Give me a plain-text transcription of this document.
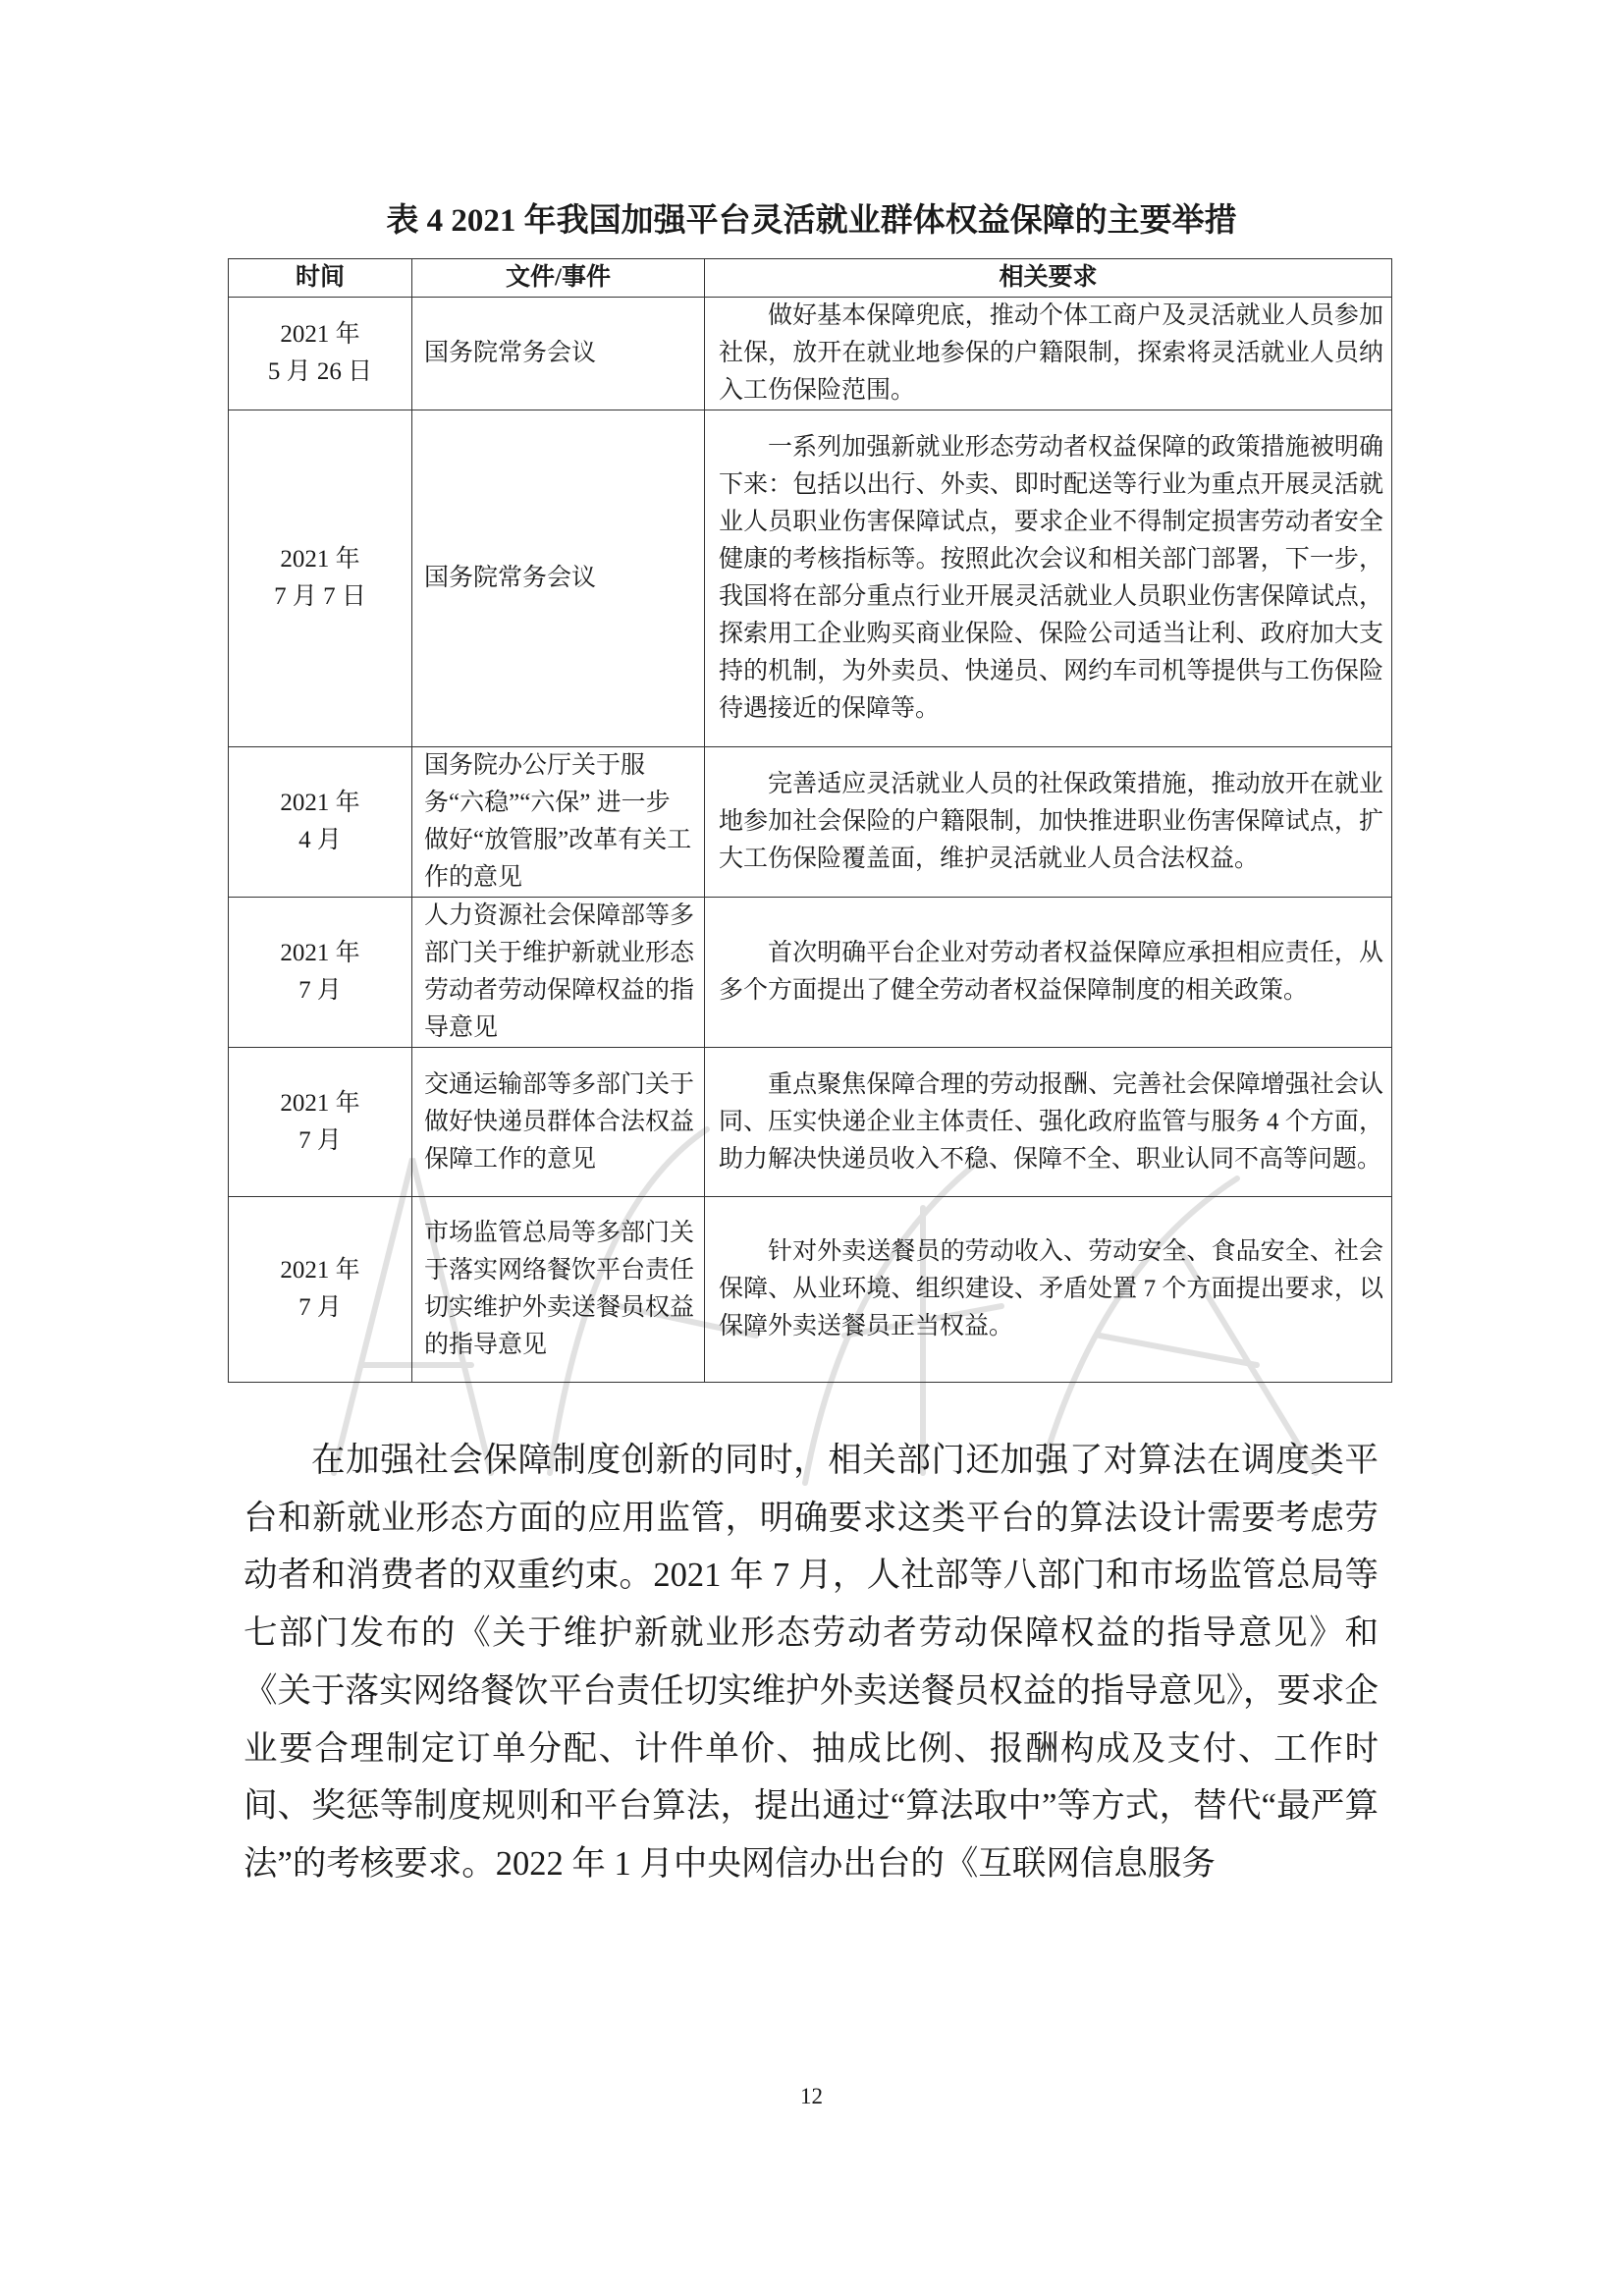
表 4 2021 年我国加强平台灵活就业群体权益保障的主要举措
时间	文件/事件	相关要求

2021 年
5 月 26 日	国务院常务会议	做好基本保障兜底，推动个体工商户及灵活就业人员参加社保，放开在就业地参保的户籍限制，探索将灵活就业人员纳入工伤保险范围。

2021 年
7 月 7 日	国务院常务会议	一系列加强新就业形态劳动者权益保障的政策措施被明确下来：包括以出行、外卖、即时配送等行业为重点开展灵活就业人员职业伤害保障试点，要求企业不得制定损害劳动者安全健康的考核指标等。按照此次会议和相关部门部署，下一步，我国将在部分重点行业开展灵活就业人员职业伤害保障试点，探索用工企业购买商业保险、保险公司适当让利、政府加大支持的机制，为外卖员、快递员、网约车司机等提供与工伤保险待遇接近的保障等。

2021 年
4 月	国务院办公厅关于服务“六稳”“六保” 进一步做好“放管服”改革有关工作的意见	完善适应灵活就业人员的社保政策措施，推动放开在就业地参加社会保险的户籍限制，加快推进职业伤害保障试点，扩大工伤保险覆盖面，维护灵活就业人员合法权益。

2021 年
7 月	人力资源社会保障部等多部门关于维护新就业形态劳动者劳动保障权益的指导意见	首次明确平台企业对劳动者权益保障应承担相应责任，从多个方面提出了健全劳动者权益保障制度的相关政策。

2021 年
7 月	交通运输部等多部门关于做好快递员群体合法权益保障工作的意见	重点聚焦保障合理的劳动报酬、完善社会保障增强社会认同、压实快递企业主体责任、强化政府监管与服务 4 个方面，助力解决快递员收入不稳、保障不全、职业认同不高等问题。

2021 年
7 月	市场监管总局等多部门关于落实网络餐饮平台责任 切实维护外卖送餐员权益的指导意见	针对外卖送餐员的劳动收入、劳动安全、食品安全、社会保障、从业环境、组织建设、矛盾处置 7 个方面提出要求，以保障外卖送餐员正当权益。

在加强社会保障制度创新的同时，相关部门还加强了对算法在调度类平台和新就业形态方面的应用监管，明确要求这类平台的算法设计需要考虑劳动者和消费者的双重约束。2021 年 7 月，人社部等八部门和市场监管总局等七部门发布的《关于维护新就业形态劳动者劳动保障权益的指导意见》和《关于落实网络餐饮平台责任切实维护外卖送餐员权益的指导意见》，要求企业要合理制定订单分配、计件单价、抽成比例、报酬构成及支付、工作时间、奖惩等制度规则和平台算法，提出通过“算法取中”等方式，替代“最严算法”的考核要求。2022 年 1 月中央网信办出台的《互联网信息服务

12
